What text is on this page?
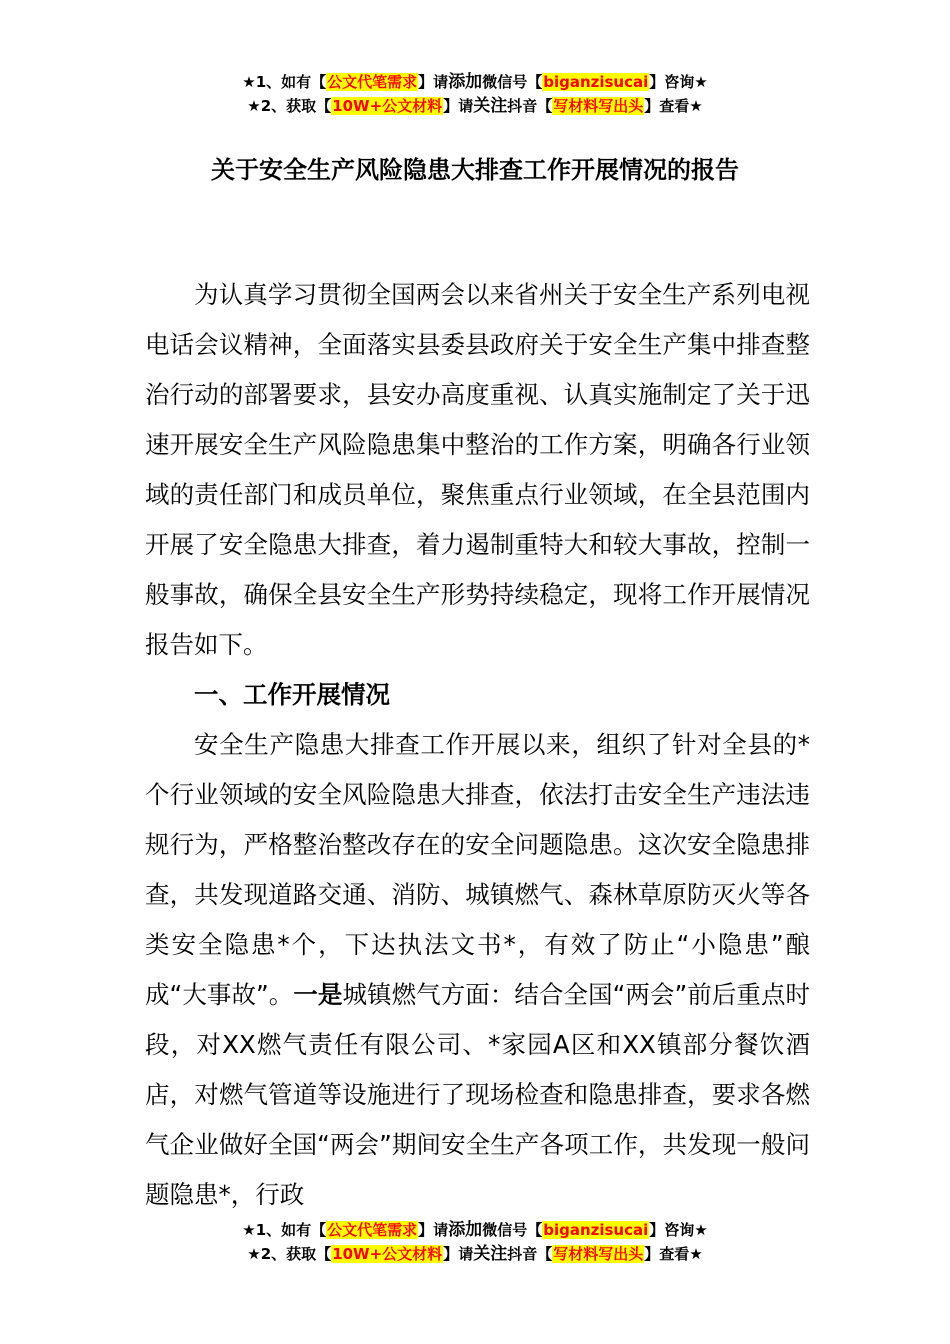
★1、如有【公文代笔需求】请添加微信号【biganzisucai】咨询★
★2、获取【10W+公文材料】请关注抖音【写材料写出头】查看★
关于安全生产风险隐患大排查工作开展情况的报告

为认真学习贯彻全国两会以来省州关于安全生产系列电视电话会议精神，全面落实县委县政府关于安全生产集中排查整治行动的部署要求，县安办高度重视、认真实施制定了关于迅速开展安全生产风险隐患集中整治的工作方案，明确各行业领域的责任部门和成员单位，聚焦重点行业领域，在全县范围内开展了安全隐患大排查，着力遏制重特大和较大事故，控制一般事故，确保全县安全生产形势持续稳定，现将工作开展情况报告如下。

一、工作开展情况

安全生产隐患大排查工作开展以来，组织了针对全县的*个行业领域的安全风险隐患大排查，依法打击安全生产违法违规行为，严格整治整改存在的安全问题隐患。这次安全隐患排查，共发现道路交通、消防、城镇燃气、森林草原防灭火等各类安全隐患*个，下达执法文书*，有效了防止“小隐患”酿成“大事故”。一是城镇燃气方面：结合全国“两会”前后重点时段，对XX燃气责任有限公司、*家园A区和XX镇部分餐饮酒店，对燃气管道等设施进行了现场检查和隐患排查，要求各燃气企业做好全国“两会”期间安全生产各项工作，共发现一般问题隐患*，行政

★1、如有【公文代笔需求】请添加微信号【biganzisucai】咨询★
★2、获取【10W+公文材料】请关注抖音【写材料写出头】查看★
